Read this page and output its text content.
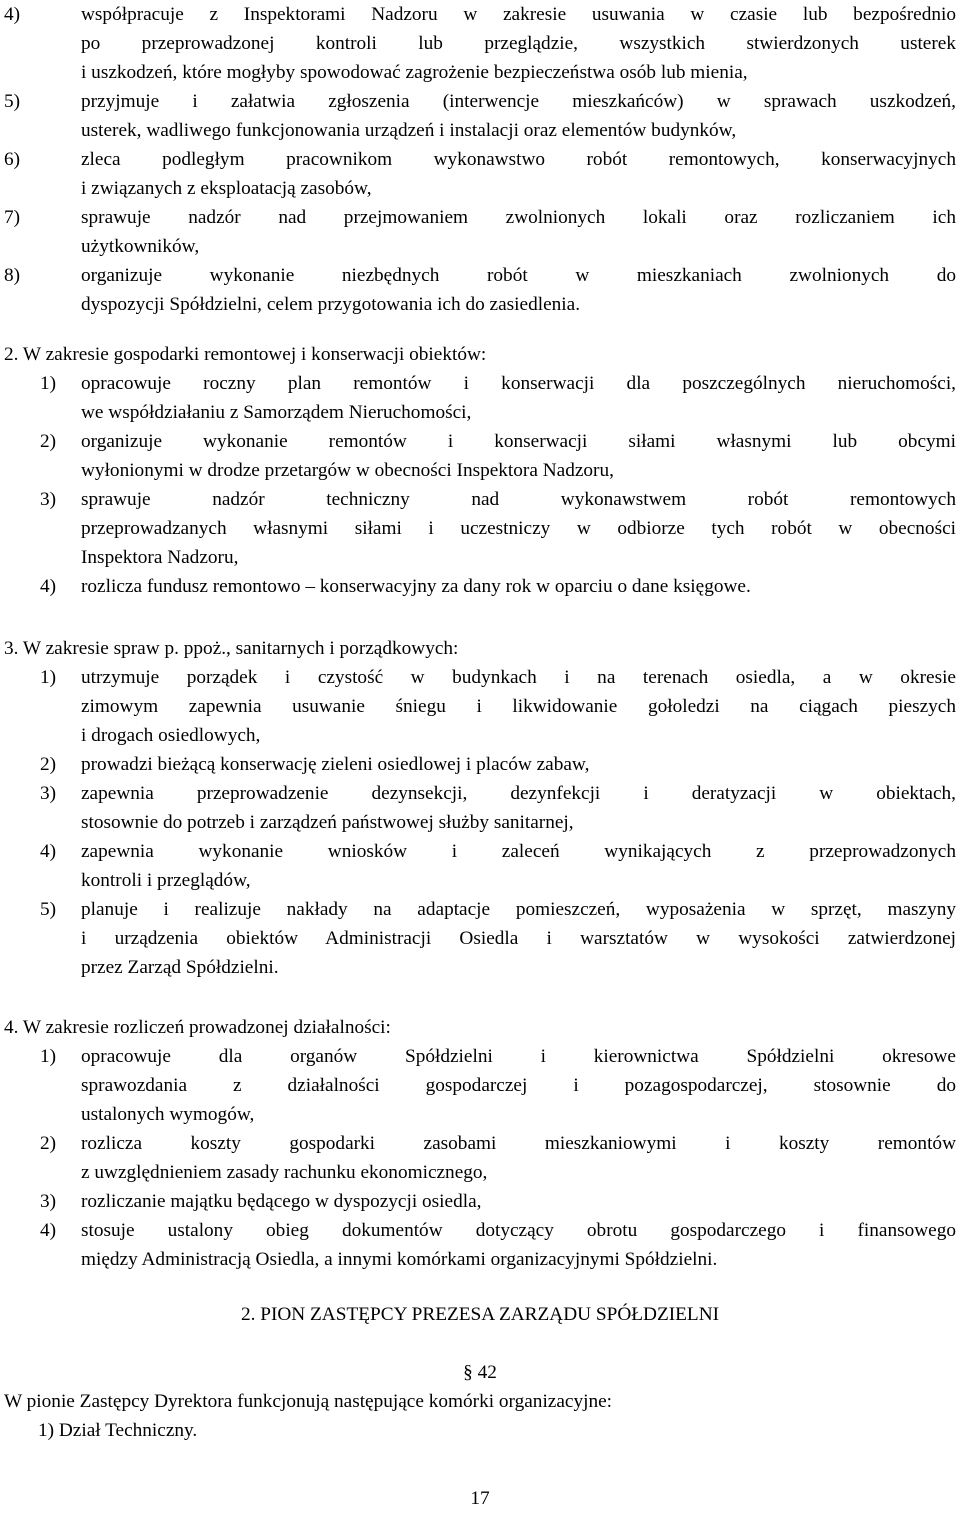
4)	współpracuje z Inspektorami Nadzoru w zakresie usuwania w czasie lub bezpośrednio
po przeprowadzonej kontroli lub przeglądzie, wszystkich stwierdzonych usterek
i uszkodzeń, które mogłyby spowodować zagrożenie bezpieczeństwa osób lub mienia,
5)	przyjmuje i załatwia zgłoszenia (interwencje mieszkańców) w sprawach uszkodzeń,
usterek, wadliwego funkcjonowania urządzeń i instalacji oraz elementów budynków,
6)	zleca podległym pracownikom wykonawstwo robót remontowych, konserwacyjnych
i związanych z eksploatacją zasobów,
7)	sprawuje nadzór nad przejmowaniem zwolnionych lokali oraz rozliczaniem ich
użytkowników,
8)	organizuje wykonanie niezbędnych robót w mieszkaniach zwolnionych do
dyspozycji Spółdzielni, celem przygotowania ich do zasiedlenia.
2. W zakresie gospodarki remontowej i konserwacji obiektów:
1) opracowuje roczny plan remontów i konserwacji dla poszczególnych nieruchomości,
we współdziałaniu z Samorządem Nieruchomości,
2) organizuje wykonanie remontów i konserwacji siłami własnymi lub obcymi
wyłonionymi w drodze przetargów w obecności Inspektora Nadzoru,
3) sprawuje nadzór techniczny nad wykonawstwem robót remontowych
przeprowadzanych własnymi siłami i uczestniczy w odbiorze tych robót w obecności
Inspektora Nadzoru,
4) rozlicza fundusz remontowo – konserwacyjny za dany rok w oparciu o dane księgowe.
3. W zakresie spraw p. ppoż., sanitarnych i porządkowych:
1) utrzymuje porządek i czystość w budynkach i na terenach osiedla, a w okresie
zimowym zapewnia usuwanie śniegu i likwidowanie gołoledzi na ciągach pieszych
i drogach osiedlowych,
2) prowadzi bieżącą konserwację zieleni osiedlowej i placów zabaw,
3) zapewnia przeprowadzenie dezynsekcji, dezynfekcji i deratyzacji w obiektach,
stosownie do potrzeb i zarządzeń państwowej służby sanitarnej,
4) zapewnia wykonanie wniosków i zaleceń wynikających z przeprowadzonych
kontroli i przeglądów,
5) planuje i realizuje nakłady na adaptacje pomieszczeń, wyposażenia w sprzęt, maszyny
i urządzenia obiektów Administracji Osiedla i warsztatów w wysokości zatwierdzonej
przez Zarząd Spółdzielni.
4. W zakresie rozliczeń prowadzonej działalności:
1) opracowuje dla organów Spółdzielni i kierownictwa Spółdzielni okresowe
sprawozdania z działalności gospodarczej i pozagospodarczej, stosownie do
ustalonych wymogów,
2) rozlicza koszty gospodarki zasobami mieszkaniowymi i koszty remontów
z uwzględnieniem zasady rachunku ekonomicznego,
3) rozliczanie majątku będącego w dyspozycji osiedla,
4) stosuje ustalony obieg dokumentów dotyczący obrotu gospodarczego i finansowego
między Administracją Osiedla, a innymi komórkami organizacyjnymi Spółdzielni.
2. PION ZASTĘPCY PREZESA ZARZĄDU SPÓŁDZIELNI
§ 42
W pionie Zastępcy Dyrektora funkcjonują następujące komórki organizacyjne:
1) Dział Techniczny.
17
